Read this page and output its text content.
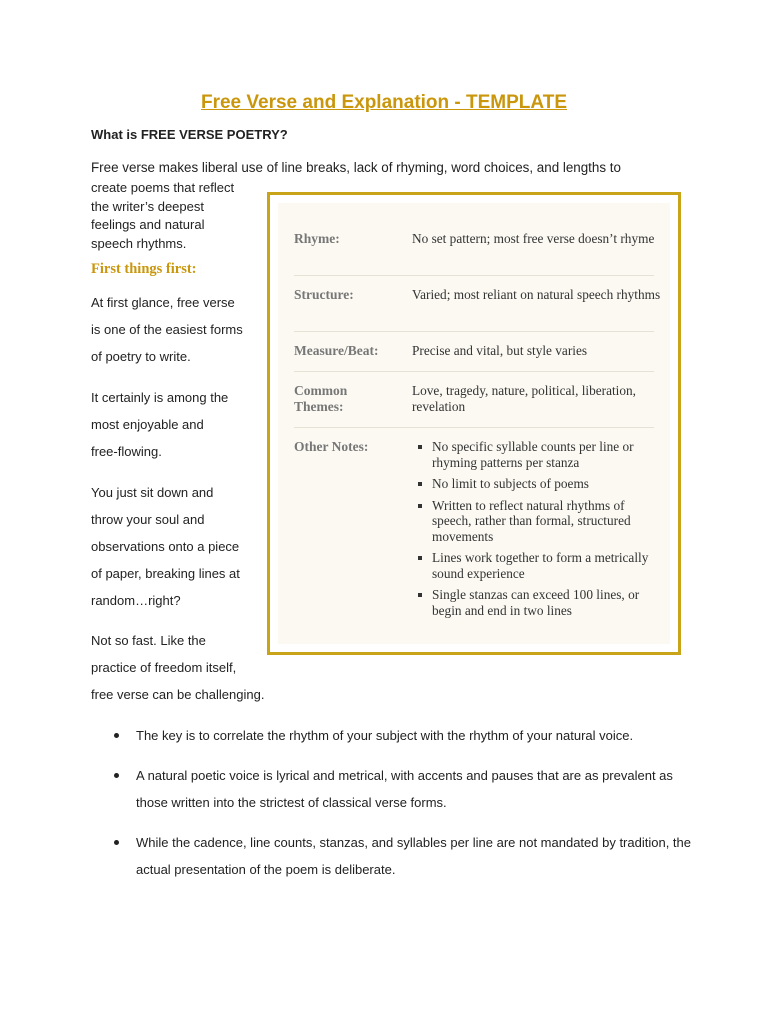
Free Verse and Explanation - TEMPLATE

What is FREE VERSE POETRY?

Free verse makes liberal use of line breaks, lack of rhyming, word choices, and lengths to
create poems that reflect
the writer’s deepest
feelings and natural
speech rhythms.
First things first:
At first glance, free verse
is one of the easiest forms
of poetry to write.
It certainly is among the
most enjoyable and
free-flowing.
You just sit down and
throw your soul and
observations onto a piece
of paper, breaking lines at
random…right?
Not so fast. Like the
practice of freedom itself,
free verse can be challenging.
Rhyme:	No set pattern; most free verse doesn’t rhyme
Structure:	Varied; most reliant on natural speech rhythms
Measure/Beat:	Precise and vital, but style varies
Common Themes:
Love, tragedy, nature, political, liberation, revelation
Other Notes:	No specific syllable counts per line or rhyming patterns per stanza
No limit to subjects of poems
Written to reflect natural rhythms of speech, rather than formal, structured movements
Lines work together to form a metrically sound experience
Single stanzas can exceed 100 lines, or begin and end in two lines
The key is to correlate the rhythm of your subject with the rhythm of your natural voice.
A natural poetic voice is lyrical and metrical, with accents and pauses that are as prevalent as those written into the strictest of classical verse forms.
While the cadence, line counts, stanzas, and syllables per line are not mandated by tradition, the actual presentation of the poem is deliberate.
